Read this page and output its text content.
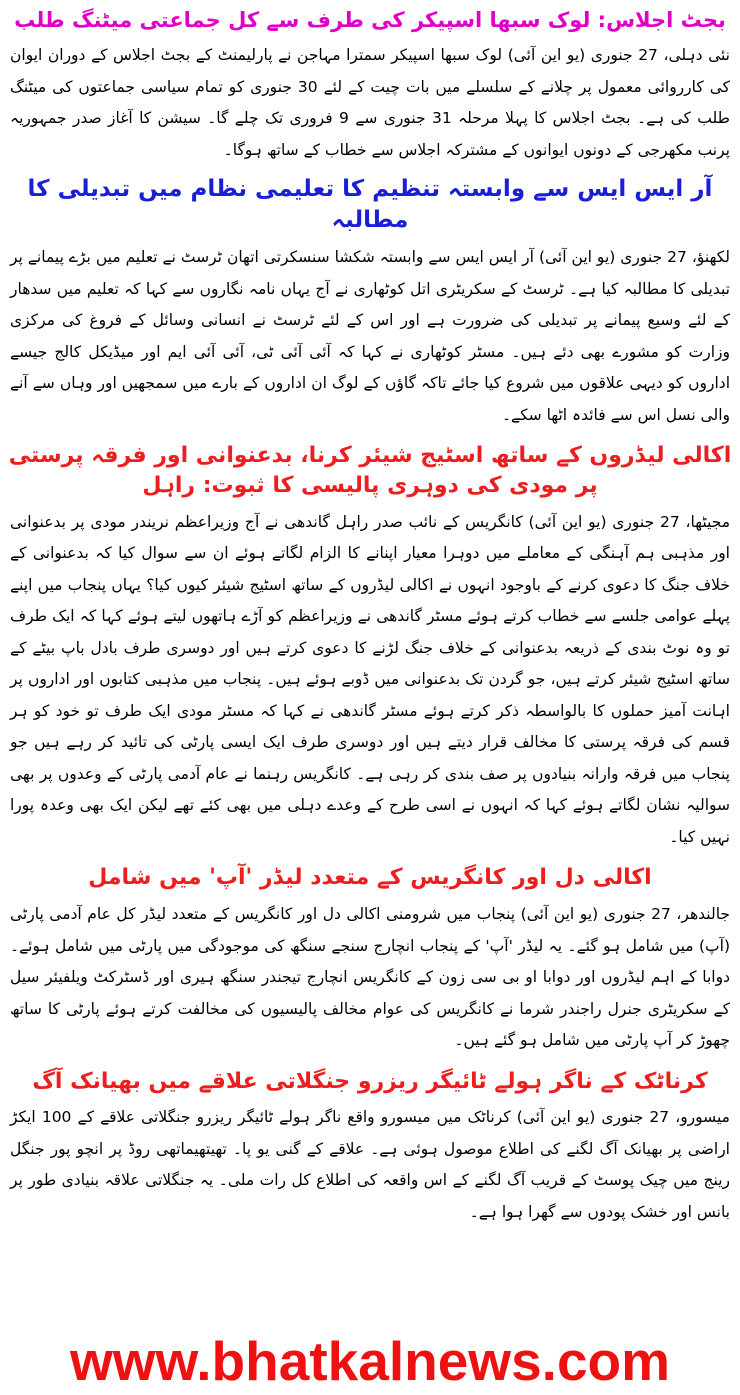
بجٹ اجلاس: لوک سبھا اسپیکر کی طرف سے کل جماعتی میٹنگ طلب

نئی دہلی، 27 جنوری (یو این آئی) لوک سبھا اسپیکر سمترا مہاجن نے پارلیمنٹ کے بجٹ اجلاس کے دوران ایوان کی کارروائی معمول پر چلانے کے سلسلے میں بات چیت کے لئے 30 جنوری کو تمام سیاسی جماعتوں کی میٹنگ طلب کی ہے۔ بجٹ اجلاس کا پہلا مرحلہ 31 جنوری سے 9 فروری تک چلے گا۔ سیشن کا آغاز صدر جمہوریہ پرنب مکھرجی کے دونوں ایوانوں کے مشترکہ اجلاس سے خطاب کے ساتھ ہوگا۔

آر ایس ایس سے وابستہ تنظیم کا تعلیمی نظام میں تبدیلی کا مطالبہ

لکھنؤ، 27 جنوری (یو این آئی) آر ایس ایس سے وابستہ شکشا سنسکرتی اتھان ٹرسٹ نے تعلیم میں بڑے پیمانے پر تبدیلی کا مطالبہ کیا ہے۔ ٹرسٹ کے سکریٹری اتل کوٹھاری نے آج یہاں نامہ نگاروں سے کہا کہ تعلیم میں سدھار کے لئے وسیع پیمانے پر تبدیلی کی ضرورت ہے اور اس کے لئے ٹرسٹ نے انسانی وسائل کے فروغ کی مرکزی وزارت کو مشورے بھی دئے ہیں۔ مسٹر کوٹھاری نے کہا کہ آئی آئی ٹی، آئی آئی ایم اور میڈیکل کالج جیسے اداروں کو دیہی علاقوں میں شروع کیا جائے تاکہ گاؤں کے لوگ ان اداروں کے بارے میں سمجھیں اور وہاں سے آنے والی نسل اس سے فائدہ اٹھا سکے۔

اکالی لیڈروں کے ساتھ اسٹیج شیئر کرنا، بدعنوانی اور فرقہ پرستی پر مودی کی دوہری پالیسی کا ثبوت: راہل

مجیٹھا، 27 جنوری (یو این آئی) کانگریس کے نائب صدر راہل گاندھی نے آج وزیراعظم نریندر مودی پر بدعنوانی اور مذہبی ہم آہنگی کے معاملے میں دوہرا معیار اپنانے کا الزام لگاتے ہوئے ان سے سوال کیا کہ بدعنوانی کے خلاف جنگ کا دعوی کرنے کے باوجود انہوں نے اکالی لیڈروں کے ساتھ اسٹیج شیئر کیوں کیا؟ یہاں پنجاب میں اپنے پہلے عوامی جلسے سے خطاب کرتے ہوئے مسٹر گاندھی نے وزیراعظم کو آڑے ہاتھوں لیتے ہوئے کہا کہ ایک طرف تو وہ نوٹ بندی کے ذریعہ بدعنوانی کے خلاف جنگ لڑنے کا دعوی کرتے ہیں اور دوسری طرف بادل باپ بیٹے کے ساتھ اسٹیج شیئر کرتے ہیں، جو گردن تک بدعنوانی میں ڈوبے ہوئے ہیں۔ پنجاب میں مذہبی کتابوں اور اداروں پر اہانت آمیز حملوں کا بالواسطہ ذکر کرتے ہوئے مسٹر گاندھی نے کہا کہ مسٹر مودی ایک طرف تو خود کو ہر قسم کی فرقہ پرستی کا مخالف قرار دیتے ہیں اور دوسری طرف ایک ایسی پارٹی کی تائید کر رہے ہیں جو پنجاب میں فرقہ وارانہ بنیادوں پر صف بندی کر رہی ہے۔ کانگریس رہنما نے عام آدمی پارٹی کے وعدوں پر بھی سوالیہ نشان لگاتے ہوئے کہا کہ انہوں نے اسی طرح کے وعدے دہلی میں بھی کئے تھے لیکن ایک بھی وعدہ پورا نہیں کیا۔

اکالی دل اور کانگریس کے متعدد لیڈر 'آپ' میں شامل

جالندھر، 27 جنوری (یو این آئی) پنجاب میں شرومنی اکالی دل اور کانگریس کے متعدد لیڈر کل عام آدمی پارٹی (آپ) میں شامل ہو گئے۔ یہ لیڈر 'آپ' کے پنجاب انچارج سنجے سنگھ کی موجودگی میں پارٹی میں شامل ہوئے۔ دوابا کے اہم لیڈروں اور دوابا او بی سی زون کے کانگریس انچارج تیجندر سنگھ ہیری اور ڈسٹرکٹ ویلفیئر سیل کے سکریٹری جنرل راجندر شرما نے کانگریس کی عوام مخالف پالیسیوں کی مخالفت کرتے ہوئے پارٹی کا ساتھ چھوڑ کر آپ پارٹی میں شامل ہو گئے ہیں۔

کرناٹک کے ناگر ہولے ٹائیگر ریزرو جنگلاتی علاقے میں بھیانک آگ

میسورو، 27 جنوری (یو این آئی) کرناٹک میں میسورو واقع ناگر ہولے ٹائیگر ریزرو جنگلاتی علاقے کے 100 ایکڑ اراضی پر بھیانک آگ لگنے کی اطلاع موصول ہوئی ہے۔ علاقے کے گنی یو پا۔ تھیتھیماتھی روڈ پر انچو پور جنگل رینج میں چیک پوسٹ کے قریب آگ لگنے کے اس واقعہ کی اطلاع کل رات ملی۔ یہ جنگلاتی علاقہ بنیادی طور پر بانس اور خشک پودوں سے گھرا ہوا ہے۔

www.bhatkalnews.com
